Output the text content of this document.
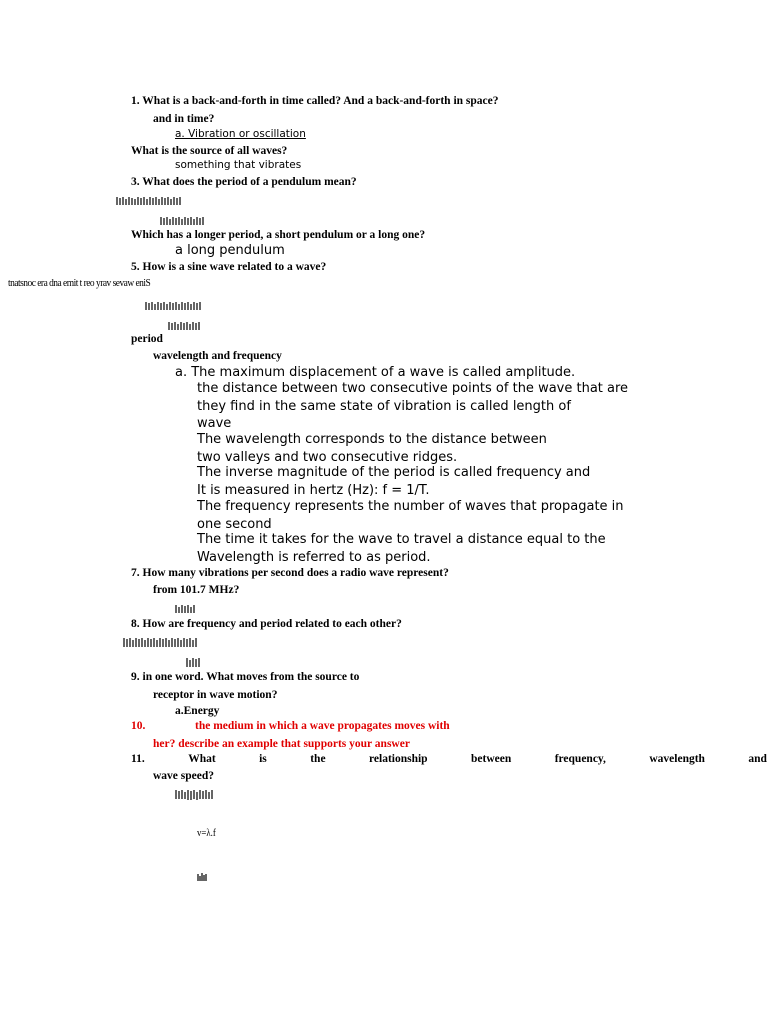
1. What is a back-and-forth in time called? And a back-and-forth in space?
and in time?
a. Vibration or oscillation
What is the source of all waves?
something that vibrates
3. What does the period of a pendulum mean?
Which has a longer period, a short pendulum or a long one?
a long pendulum
5. How is a sine wave related to a wave?
tnatsnoc era dna emit t reo yrav sevaw eniS
period
wavelength and frequency
a. The maximum displacement of a wave is called amplitude.
the distance between two consecutive points of the wave that are
they find in the same state of vibration is called length of
wave
The wavelength corresponds to the distance between
two valleys and two consecutive ridges.
The inverse magnitude of the period is called frequency and
It is measured in hertz (Hz): f = 1/T.
The frequency represents the number of waves that propagate in
one second
The time it takes for the wave to travel a distance equal to the
Wavelength is referred to as period.
7. How many vibrations per second does a radio wave represent?
from 101.7 MHz?
8. How are frequency and period related to each other?
9. in one word. What moves from the source to
receptor in wave motion?
a.Energy
10.	the medium in which a wave propagates moves with
her? describe an example that supports your answer
11.	What	is	the	relationship	between	frequency,	wavelength	and
wave speed?
v=λ.f
